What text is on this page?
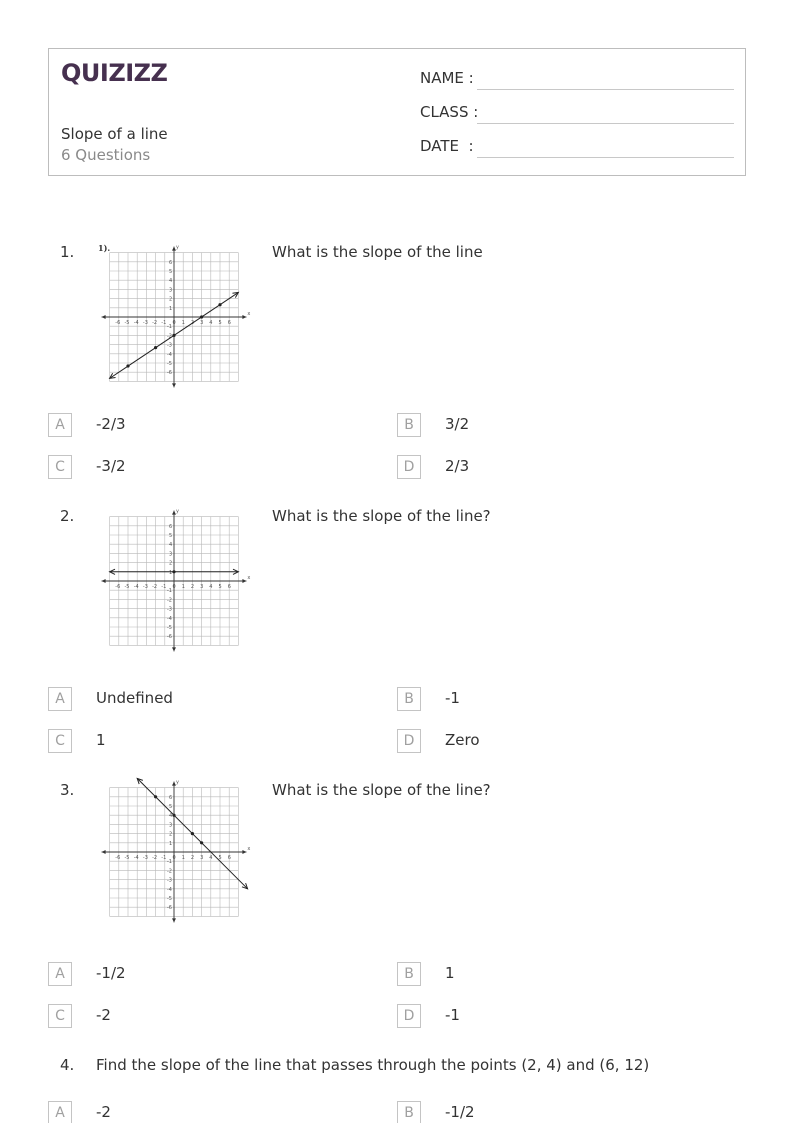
QUIZIZZ
Slope of a line
6 Questions
NAME :
CLASS :
DATE  :
1.
x
y
-6 -5 -4 -3 -2 -1 0 1	3 4 5 6
6
5
4
3
2
1
-1
-2
-3
-4
-5
-6
1).	What is the slope of the line
A	-2/3	B	3/2
C	-3/2	D	2/3
2.
x
y
-6 -5 -4 -3 -2 -1 0 1 2 3 4 5 6
6
5
4
3
2
1
-1
-2
-3
-4
-5
-6
What is the slope of the line?
A	Undefined	B	-1
C	1	D	Zero
3.
x
y
-6 -5 -4 -3 -2 -1 0 1 2 3 4 5 6
6
5
4
3
2
1
-1
-2
-3
-4
-5
-6
What is the slope of the line?
A	-1/2	B	1
C	-2	D	-1
4. Find the slope of the line that passes through the points (2, 4) and (6, 12)
A	-2	B	-1/2
